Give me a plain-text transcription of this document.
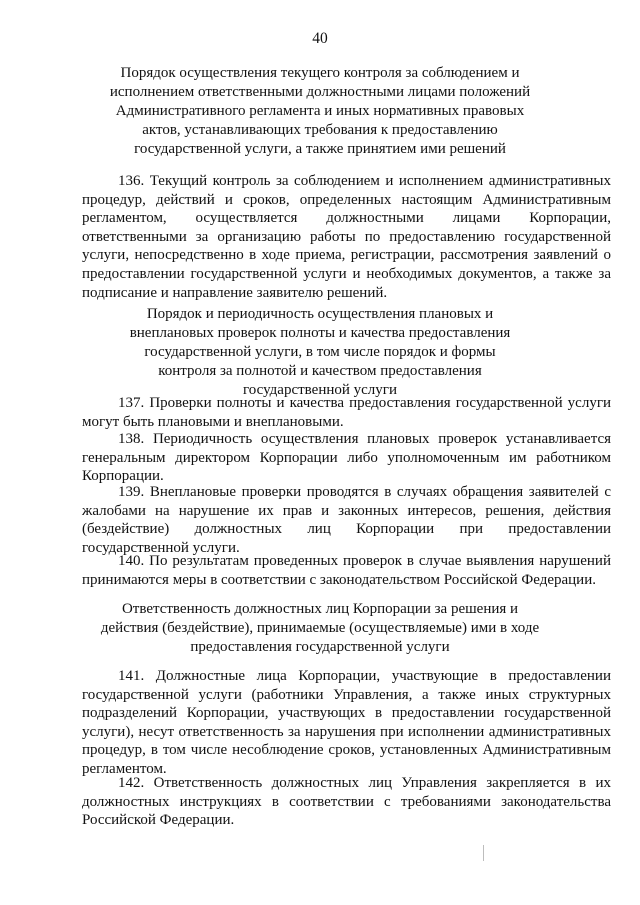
40
Порядок осуществления текущего контроля за соблюдением и исполнением ответственными должностными лицами положений Административного регламента и иных нормативных правовых актов, устанавливающих требования к предоставлению государственной услуги, а также принятием ими решений
136. Текущий контроль за соблюдением и исполнением административных процедур, действий и сроков, определенных настоящим Административным регламентом, осуществляется должностными лицами Корпорации, ответственными за организацию работы по предоставлению государственной услуги, непосредственно в ходе приема, регистрации, рассмотрения заявлений о предоставлении государственной услуги и необходимых документов, а также за подписание и направление заявителю решений.
Порядок и периодичность осуществления плановых и внеплановых проверок полноты и качества предоставления государственной услуги, в том числе порядок и формы контроля за полнотой и качеством предоставления государственной услуги
137. Проверки полноты и качества предоставления государственной услуги могут быть плановыми и внеплановыми.
138. Периодичность осуществления плановых проверок устанавливается генеральным директором Корпорации либо уполномоченным им работником Корпорации.
139. Внеплановые проверки проводятся в случаях обращения заявителей с жалобами на нарушение их прав и законных интересов, решения, действия (бездействие) должностных лиц Корпорации при предоставлении государственной услуги.
140. По результатам проведенных проверок в случае выявления нарушений принимаются меры в соответствии с законодательством Российской Федерации.
Ответственность должностных лиц Корпорации за решения и действия (бездействие), принимаемые (осуществляемые) ими в ходе предоставления государственной услуги
141. Должностные лица Корпорации, участвующие в предоставлении государственной услуги (работники Управления, а также иных структурных подразделений Корпорации, участвующих в предоставлении государственной услуги), несут ответственность за нарушения при исполнении административных процедур, в том числе несоблюдение сроков, установленных Административным регламентом.
142. Ответственность должностных лиц Управления закрепляется в их должностных инструкциях в соответствии с требованиями законодательства Российской Федерации.
